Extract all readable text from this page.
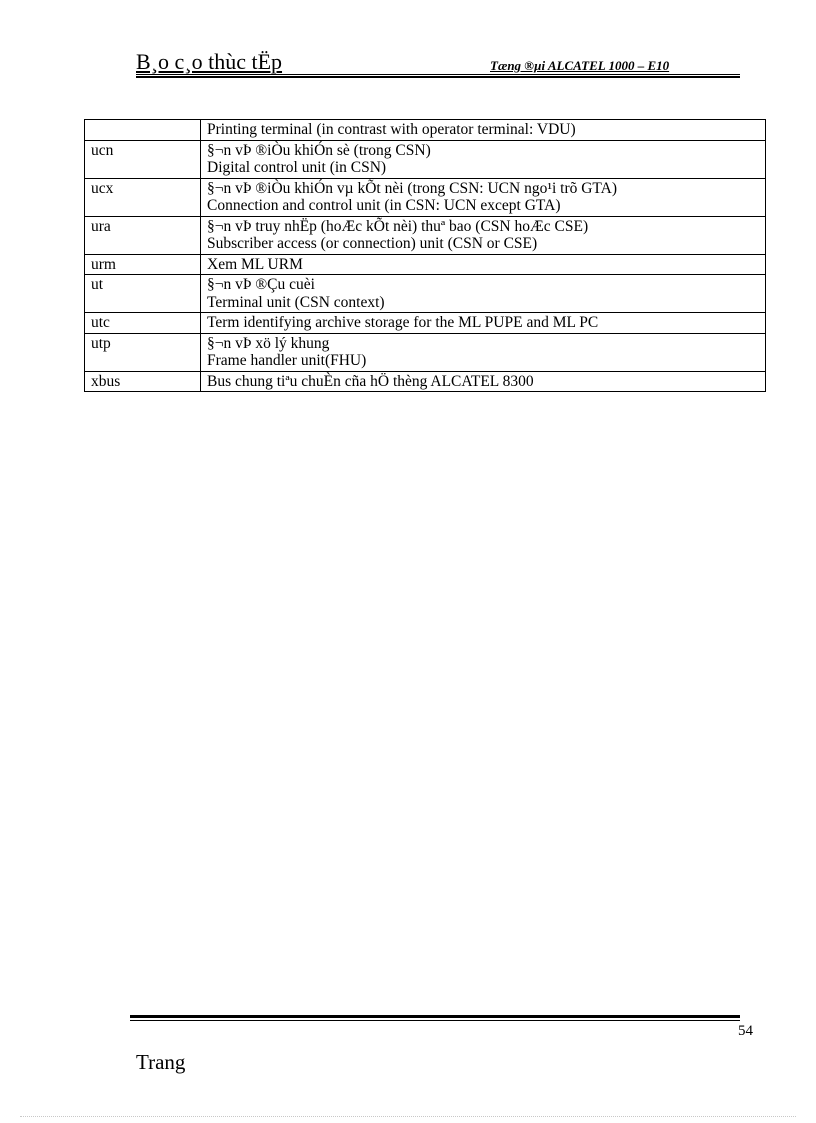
B¸o c¸o thùc tËp	Tæng ®µi ALCATEL 1000 – E10

	Printing terminal (in contrast with operator terminal: VDU)

ucn	§¬n vÞ ®iÒu khiÓn sè (trong CSN)
Digital control unit (in CSN)

ucx	§¬n vÞ ®iÒu khiÓn vµ kÕt nèi (trong CSN: UCN ngo¹i trõ GTA)
Connection and control unit (in CSN: UCN except GTA)

ura	§¬n vÞ truy nhËp (hoÆc kÕt nèi) thuª bao (CSN hoÆc CSE)
Subscriber access (or connection) unit (CSN or CSE)

urm	Xem ML URM

ut	§¬n vÞ ®Çu cuèi
Terminal unit (CSN context)

utc	Term identifying archive storage for the ML PUPE and ML PC

utp	§¬n vÞ xö lý khung
Frame handler unit(FHU)

xbus	Bus chung tiªu chuÈn cña hÖ thèng ALCATEL 8300
54
Trang
